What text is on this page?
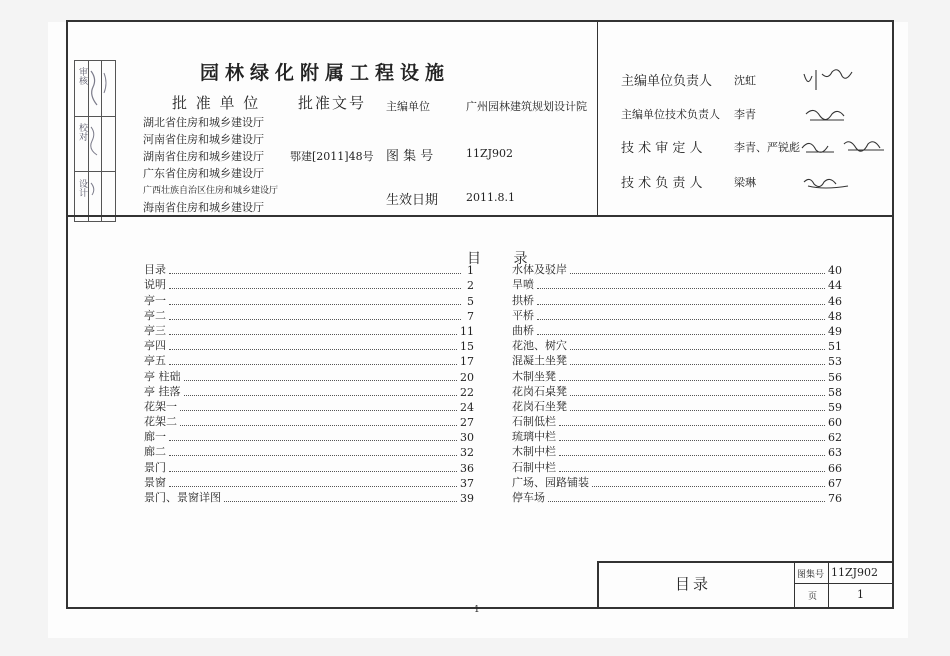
审核
校对
设计
园林绿化附属工程设施
批 准 单 位	批准文号
湖北省住房和城乡建设厅
河南省住房和城乡建设厅
湖南省住房和城乡建设厅
广东省住房和城乡建设厅
广西壮族自治区住房和城乡建设厅
海南省住房和城乡建设厅
鄂建[2011]48号
主编单位	广州园林建筑规划设计院
图 集 号	11ZJ902
生效日期	2011.8.1
主编单位负责人 沈虹
主编单位技术负责人 李青
技 术 审 定 人	李青、严锐彪
技 术 负 责 人	梁琳
目 录
目录	1
说明	2
亭一	5
亭二	7
亭三	11
亭四	15
亭五	17
亭 柱础	20
亭 挂落	22
花架一	24
花架二	27
廊一	30
廊二	32
景门	36
景窗	37
景门、景窗详图	39
水体及驳岸	40
旱喷	44
拱桥	46
平桥	48
曲桥	49
花池、树穴	51
混凝土坐凳	53
木制坐凳	56
花岗石桌凳	58
花岗石坐凳	59
石制低栏	60
琉璃中栏	62
木制中栏	63
石制中栏	66
广场、园路铺装	67
停车场	76
目录	图集号 11ZJ902
页	1
1
